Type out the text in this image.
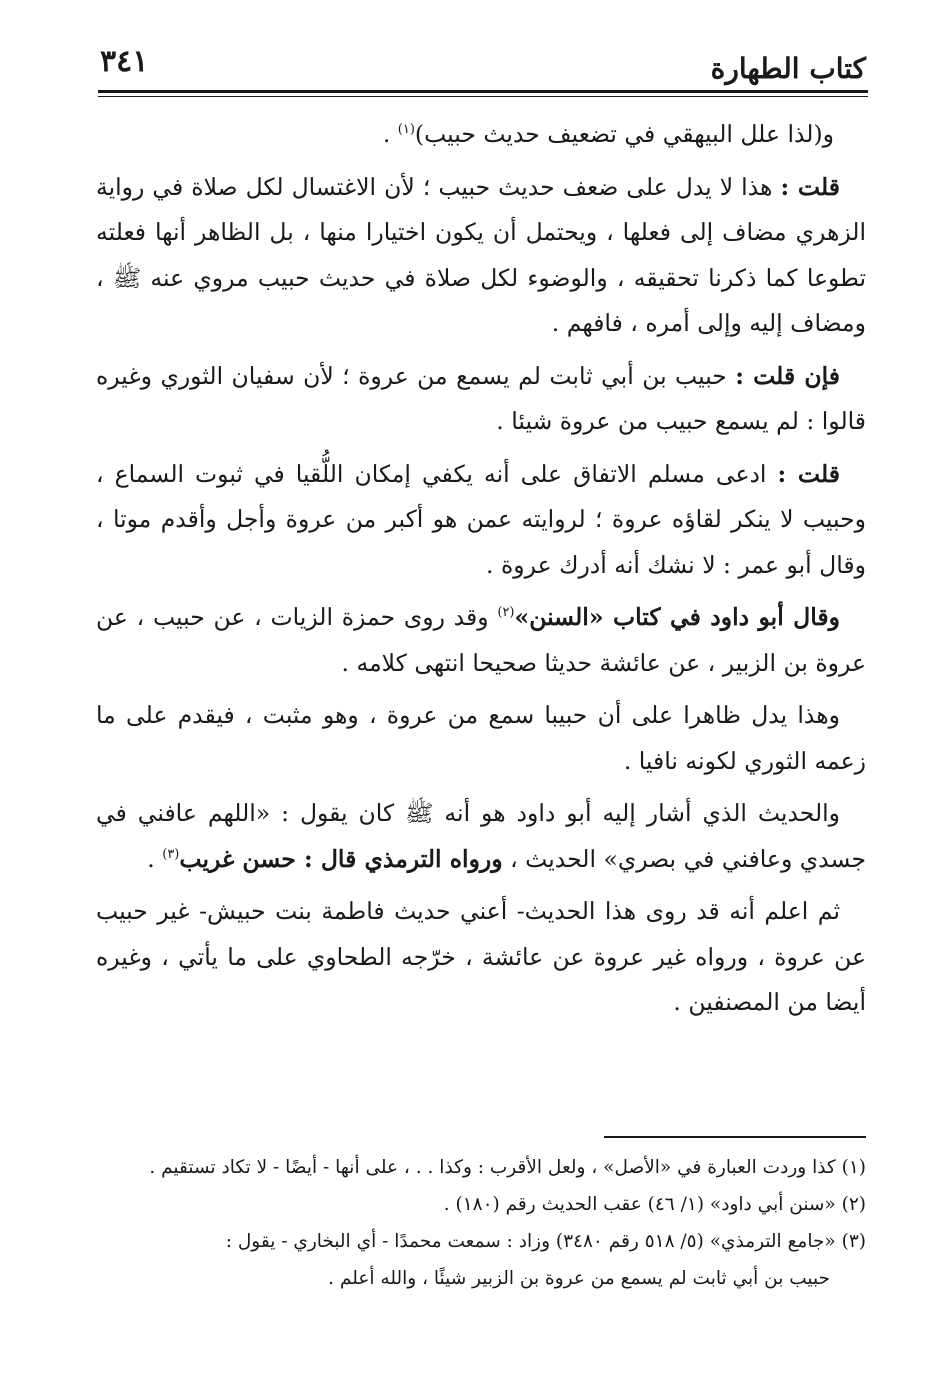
كتاب الطهارة
٣٤١

و(لذا علل البيهقي في تضعيف حديث حبيب)$^{(١)}$ .

قلت : هذا لا يدل على ضعف حديث حبيب ؛ لأن الاغتسال لكل صلاة في رواية الزهري مضاف إلى فعلها ، ويحتمل أن يكون اختيارا منها ، بل الظاهر أنها فعلته تطوعا كما ذكرنا تحقيقه ، والوضوء لكل صلاة في حديث حبيب مروي عنه ﷺ ، ومضاف إليه وإلى أمره ، فافهم .

فإن قلت : حبيب بن أبي ثابت لم يسمع من عروة ؛ لأن سفيان الثوري وغيره قالوا : لم يسمع حبيب من عروة شيئا .

قلت : ادعى مسلم الاتفاق على أنه يكفي إمكان اللُّقيا في ثبوت السماع ، وحبيب لا ينكر لقاؤه عروة ؛ لروايته عمن هو أكبر من عروة وأجل وأقدم موتا ، وقال أبو عمر : لا نشك أنه أدرك عروة .

وقال أبو داود في كتاب «السنن»$^{(٢)}$ وقد روى حمزة الزيات ، عن حبيب ، عن عروة بن الزبير ، عن عائشة حديثا صحيحا انتهى كلامه .

وهذا يدل ظاهرا على أن حبيبا سمع من عروة ، وهو مثبت ، فيقدم على ما زعمه الثوري لكونه نافيا .

والحديث الذي أشار إليه أبو داود هو أنه ﷺ كان يقول : «اللهم عافني في جسدي وعافني في بصري» الحديث ، ورواه الترمذي قال : حسن غريب$^{(٣)}$ .

ثم اعلم أنه قد روى هذا الحديث- أعني حديث فاطمة بنت حبيش- غير حبيب عن عروة ، ورواه غير عروة عن عائشة ، خرّجه الطحاوي على ما يأتي ، وغيره أيضا من المصنفين .

(١) كذا وردت العبارة في «الأصل» ، ولعل الأقرب : وكذا . . ، على أنها - أيضًا - لا تكاد تستقيم .

(٢) «سنن أبي داود» (١/ ٤٦) عقب الحديث رقم (١٨٠) .

(٣) «جامع الترمذي» (٥/ ٥١٨ رقم ٣٤٨٠) وزاد : سمعت محمدًا - أي البخاري - يقول :

حبيب بن أبي ثابت لم يسمع من عروة بن الزبير شيئًا ، والله أعلم .
